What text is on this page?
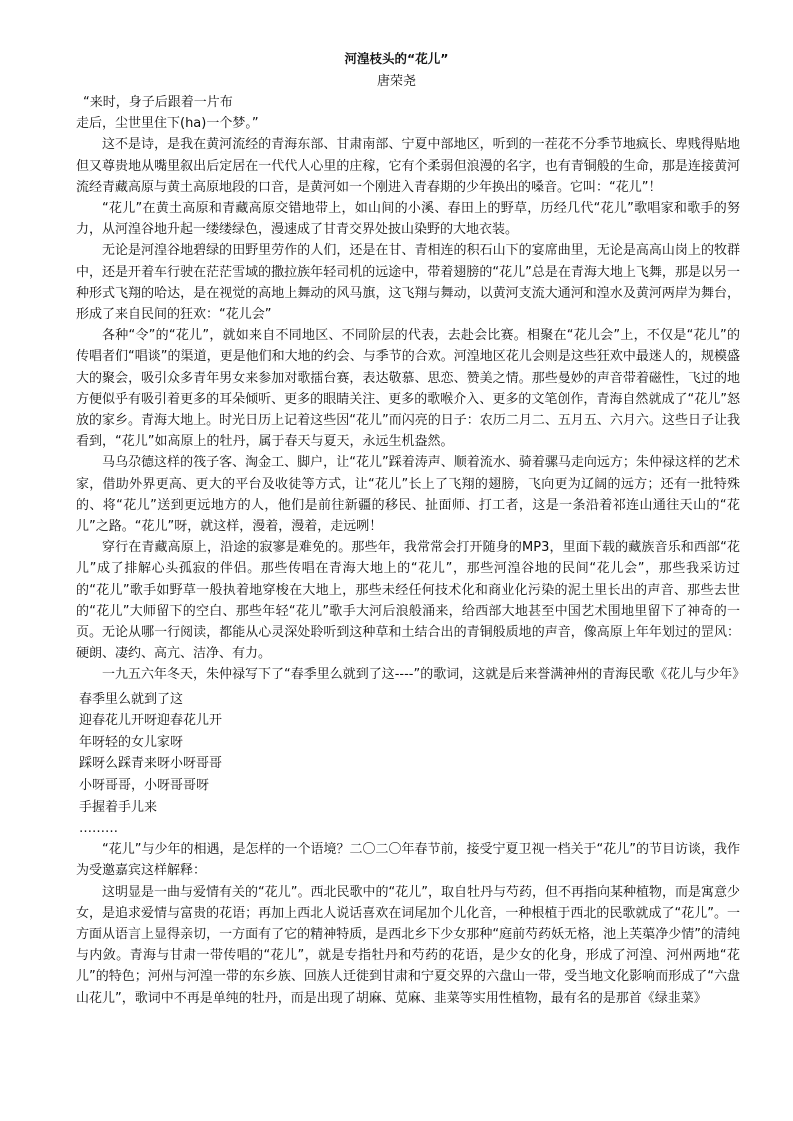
河湟枝头的“花儿”
唐荣尧

“来时，身子后跟着一片布

走后，尘世里住下(ha)一个梦。”

这不是诗，是我在黄河流经的青海东部、甘肃南部、宁夏中部地区，听到的一茬花不分季节地疯长、卑贱得贴地但又尊贵地从嘴里叙出后定居在一代代人心里的庄稼，它有个柔弱但浪漫的名字，也有青铜般的生命，那是连接黄河流经青藏高原与黄土高原地段的口音，是黄河如一个刚进入青春期的少年换出的嗓音。它叫：“花儿”！

“花儿”在黄土高原和青藏高原交错地带上，如山间的小溪、春田上的野草，历经几代“花儿”歌唱家和歌手的努力，从河湟谷地升起一缕缕绿色，漫速成了甘青交界处披山染野的大地衣装。

无论是河湟谷地碧绿的田野里劳作的人们，还是在甘、青相连的积石山下的宴席曲里，无论是高高山岗上的牧群中，还是开着车行驶在茫茫雪域的撒拉族年轻司机的远途中，带着翅膀的“花儿”总是在青海大地上飞舞，那是以另一种形式飞翔的哈达，是在视觉的高地上舞动的风马旗，这飞翔与舞动，以黄河支流大通河和湟水及黄河两岸为舞台，形成了来自民间的狂欢：“花儿会”

各种“令”的“花儿”，就如来自不同地区、不同阶层的代表，去赴会比赛。相聚在“花儿会”上，不仅是“花儿”的传唱者们“唱谈”的渠道，更是他们和大地的约会、与季节的合欢。河湟地区花儿会则是这些狂欢中最迷人的，规模盛大的聚会，吸引众多青年男女来参加对歌擂台赛，表达敬慕、思恋、赞美之情。那些曼妙的声音带着磁性，飞过的地方便似乎有吸引着更多的耳朵倾听、更多的眼睛关注、更多的歌喉介入、更多的文笔创作，青海自然就成了“花儿”怒放的家乡。青海大地上。时光日历上记着这些因“花儿”而闪亮的日子：农历二月二、五月五、六月六。这些日子让我看到，“花儿”如高原上的牡丹，属于春天与夏天，永远生机盎然。

马乌尕德这样的筏子客、淘金工、脚户，让“花儿”踩着涛声、顺着流水、骑着骡马走向远方；朱仲禄这样的艺术家，借助外界更高、更大的平台及收徒等方式，让“花儿”长上了飞翔的翅膀，飞向更为辽阔的远方；还有一批特殊的、将“花儿”送到更远地方的人，他们是前往新疆的移民、扯面师、打工者，这是一条沿着祁连山通往天山的“花儿”之路。“花儿”呀，就这样，漫着，漫着，走远咧！

穿行在青藏高原上，沿途的寂寥是难免的。那些年，我常常会打开随身的MP3，里面下载的藏族音乐和西部“花儿”成了排解心头孤寂的伴侣。那些传唱在青海大地上的“花儿”，那些河湟谷地的民间“花儿会”，那些我采访过的“花儿”歌手如野草一般执着地穿梭在大地上，那些未经任何技术化和商业化污染的泥土里长出的声音、那些去世的“花儿”大师留下的空白、那些年轻“花儿”歌手大河后浪般涌来，给西部大地甚至中国艺术围地里留下了神奇的一页。无论从哪一行阅读，都能从心灵深处聆听到这种草和土结合出的青铜般质地的声音，像高原上年年划过的罡风：硬朗、凄约、高亢、洁净、有力。

一九五六年冬天，朱仲禄写下了“春季里么就到了这----”的歌词，这就是后来誉满神州的青海民歌《花儿与少年》

春季里么就到了这
迎春花儿开呀迎春花儿开
年呀轻的女儿家呀
踩呀么踩青来呀小呀哥哥
小呀哥哥，小呀哥哥呀
手握着手儿来
………

“花儿”与少年的相遇，是怎样的一个语境？二〇二〇年春节前，接受宁夏卫视一档关于“花儿”的节目访谈，我作为受邀嘉宾这样解释：

这明显是一曲与爱情有关的“花儿”。西北民歌中的“花儿”，取自牡丹与芍药，但不再指向某种植物，而是寓意少女，是追求爱情与富贵的花语；再加上西北人说话喜欢在词尾加个儿化音，一种根植于西北的民歌就成了“花儿”。一方面从语言上显得亲切，一方面有了它的精神特质，是西北乡下少女那种“庭前芍药妖无格，池上芙蕖净少情”的清纯与内敛。青海与甘肃一带传唱的“花儿”，就是专指牡丹和芍药的花语，是少女的化身，形成了河湟、河州两地“花儿”的特色；河州与河湟一带的东乡族、回族人迁徙到甘肃和宁夏交界的六盘山一带，受当地文化影响而形成了“六盘山花儿”，歌词中不再是单纯的牡丹，而是出现了胡麻、苋麻、韭菜等实用性植物，最有名的是那首《绿韭菜》
